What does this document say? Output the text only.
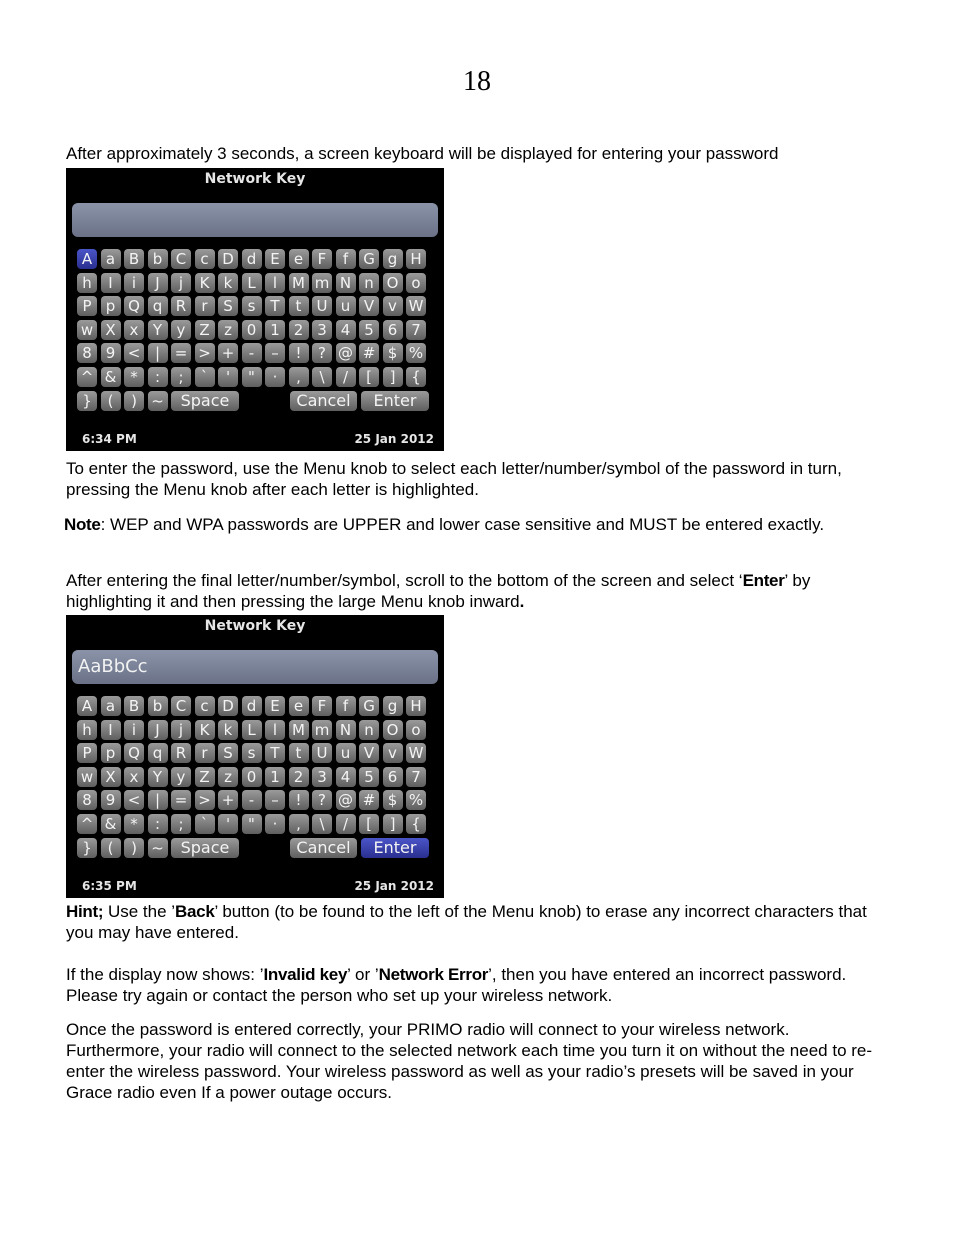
18

After approximately 3 seconds, a screen keyboard will be displayed for entering your password

Network Key
A a B b C c D d E e F	f	G g H
h	I	i	J	j	K k L	l M m N n O o
P p Q q R	r	S s	T	t	U u V v W
w X x Y y Z z 0 1 2 3 4 5 6 7
8 9 < | = > + -	–	!	? @ # $ %
^ & *	:	;	`	'	"	·	,	\	/	[	]	{
}	(	) ~	Space	Cancel	Enter
6:34 PM	25 Jan 2012

To enter the password, use the Menu knob to select each letter/number/symbol of the password in turn, pressing the Menu knob after each letter is highlighted.

Note: WEP and WPA passwords are UPPER and lower case sensitive and MUST be entered exactly.

After entering the final letter/number/symbol, scroll to the bottom of the screen and select ‘Enter’ by highlighting it and then pressing the large Menu knob inward.

Network Key
AaBbCc
A a B b C c D d E e F	f	G g H
h	I	i	J	j	K k L	l M m N n O o
P p Q q R	r	S s	T	t	U u V v W
w X x Y y Z z 0 1 2 3 4 5 6 7
8 9 < | = > + -	–	!	? @ # $ %
^ & *	:	;	`	'	"	·	,	\	/	[	]	{
}	(	) ~	Space	Cancel	Enter
6:35 PM	25 Jan 2012

Hint; Use the ’Back’ button (to be found to the left of the Menu knob) to erase any incorrect characters that you may have entered.

If the display now shows: ’Invalid key’ or ’Network Error’, then you have entered an incorrect password. Please try again or contact the person who set up your wireless network.

Once the password is entered correctly, your PRIMO radio will connect to your wireless network. Furthermore, your radio will connect to the selected network each time you turn it on without the need to re-enter the wireless password. Your wireless password as well as your radio’s presets will be saved in your Grace radio even If a power outage occurs.
